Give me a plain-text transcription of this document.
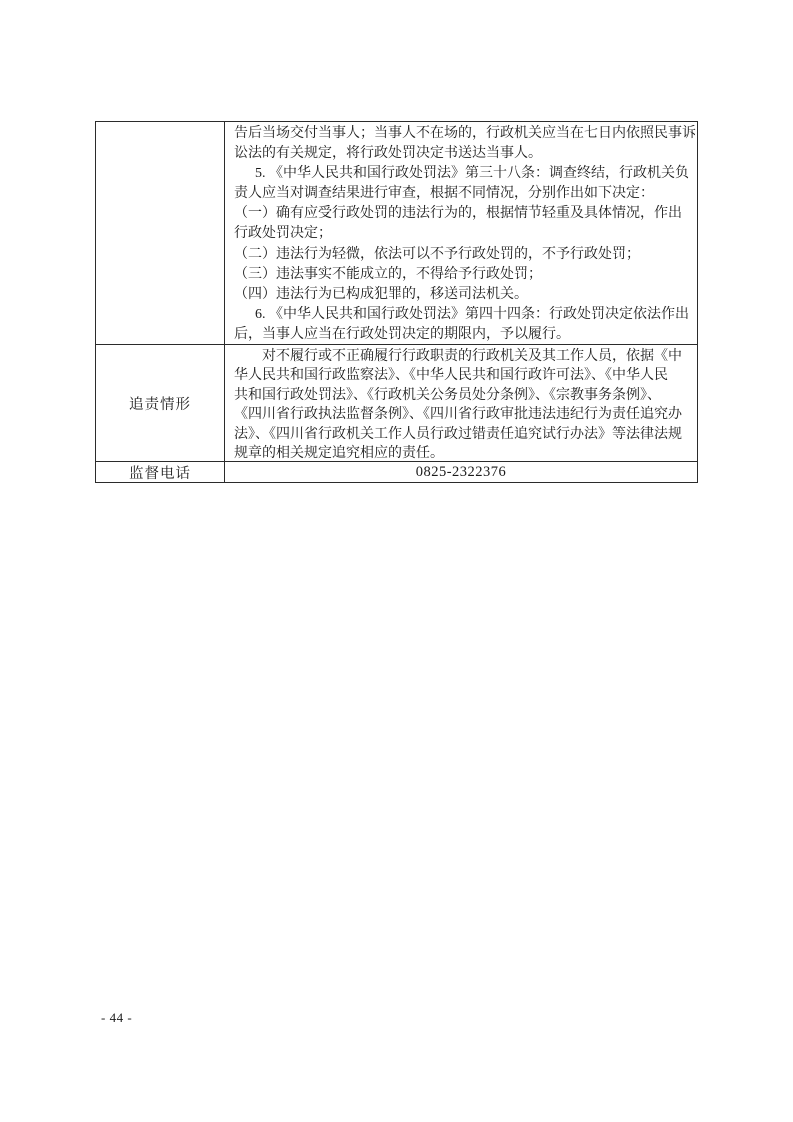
告后当场交付当事人；当事人不在场的，行政机关应当在七日内依照民事诉
讼法的有关规定，将行政处罚决定书送达当事人。
5. 《中华人民共和国行政处罚法》第三十八条：调查终结，行政机关负
责人应当对调查结果进行审查，根据不同情况，分别作出如下决定：
（一）确有应受行政处罚的违法行为的，根据情节轻重及具体情况，作出
行政处罚决定；
（二）违法行为轻微，依法可以不予行政处罚的，不予行政处罚；
（三）违法事实不能成立的，不得给予行政处罚；
（四）违法行为已构成犯罪的，移送司法机关。
6. 《中华人民共和国行政处罚法》第四十四条：行政处罚决定依法作出
后，当事人应当在行政处罚决定的期限内，予以履行。
追责情形
对不履行或不正确履行行政职责的行政机关及其工作人员，依据《中
华人民共和国行政监察法》、《中华人民共和国行政许可法》、《中华人民
共和国行政处罚法》、《行政机关公务员处分条例》、《宗教事务条例》、
《四川省行政执法监督条例》、《四川省行政审批违法违纪行为责任追究办
法》、《四川省行政机关工作人员行政过错责任追究试行办法》等法律法规
规章的相关规定追究相应的责任。
监督电话	0825-2322376
- 44 -
